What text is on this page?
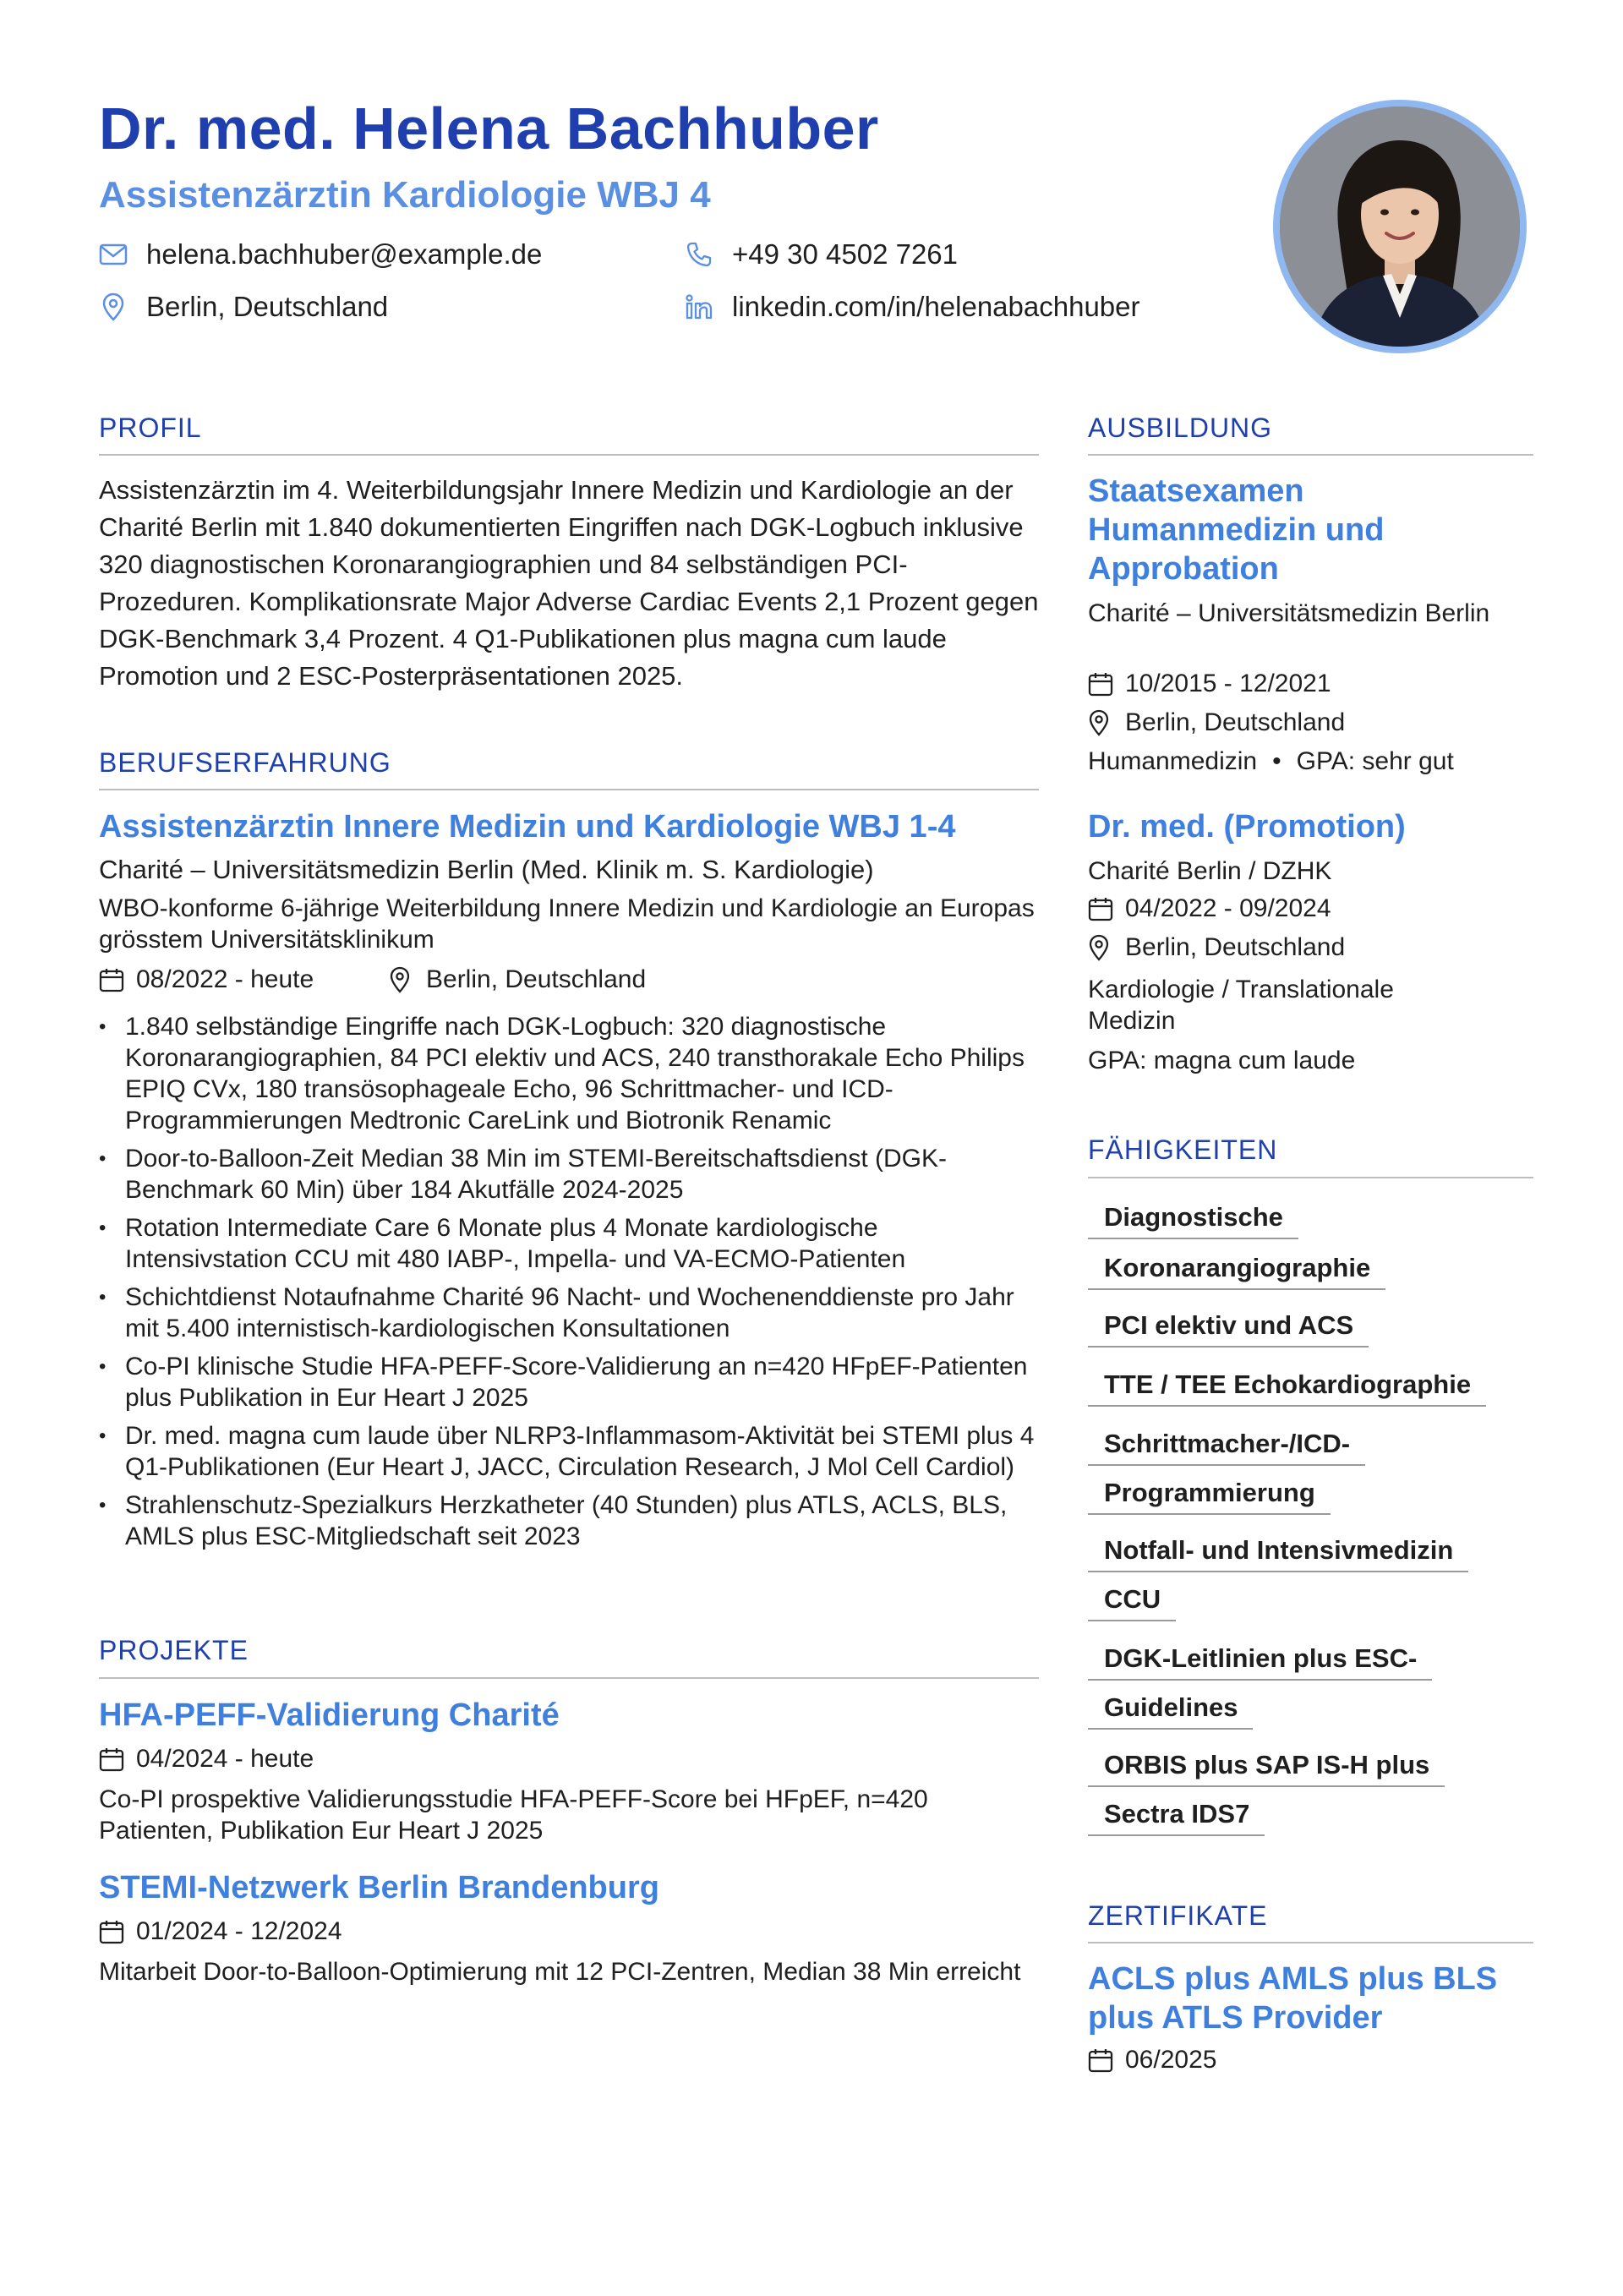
Dr. med. Helena Bachhuber
Assistenzärztin Kardiologie WBJ 4
helena.bachhuber@example.de	+49 30 4502 7261
Berlin, Deutschland	linkedin.com/in/helenabachhuber
PROFIL
Assistenzärztin im 4. Weiterbildungsjahr Innere Medizin und Kardiologie an der Charité Berlin mit 1.840 dokumentierten Eingriffen nach DGK-Logbuch inklusive 320 diagnostischen Koronarangiographien und 84 selbständigen PCI-Prozeduren. Komplikationsrate Major Adverse Cardiac Events 2,1 Prozent gegen DGK-Benchmark 3,4 Prozent. 4 Q1-Publikationen plus magna cum laude Promotion und 2 ESC-Posterpräsentationen 2025.
BERUFSERFAHRUNG
Assistenzärztin Innere Medizin und Kardiologie WBJ 1-4
Charité – Universitätsmedizin Berlin (Med. Klinik m. S. Kardiologie)
WBO-konforme 6-jährige Weiterbildung Innere Medizin und Kardiologie an Europas grösstem Universitätsklinikum
08/2022 - heute	Berlin, Deutschland
• 1.840 selbständige Eingriffe nach DGK-Logbuch: 320 diagnostische Koronarangiographien, 84 PCI elektiv und ACS, 240 transthorakale Echo Philips EPIQ CVx, 180 transösophageale Echo, 96 Schrittmacher- und ICD-Programmierungen Medtronic CareLink und Biotronik Renamic
• Door-to-Balloon-Zeit Median 38 Min im STEMI-Bereitschaftsdienst (DGK-Benchmark 60 Min) über 184 Akutfälle 2024-2025
• Rotation Intermediate Care 6 Monate plus 4 Monate kardiologische Intensivstation CCU mit 480 IABP-, Impella- und VA-ECMO-Patienten
• Schichtdienst Notaufnahme Charité 96 Nacht- und Wochenenddienste pro Jahr mit 5.400 internistisch-kardiologischen Konsultationen
• Co-PI klinische Studie HFA-PEFF-Score-Validierung an n=420 HFpEF-Patienten plus Publikation in Eur Heart J 2025
• Dr. med. magna cum laude über NLRP3-Inflammasom-Aktivität bei STEMI plus 4 Q1-Publikationen (Eur Heart J, JACC, Circulation Research, J Mol Cell Cardiol)
• Strahlenschutz-Spezialkurs Herzkatheter (40 Stunden) plus ATLS, ACLS, BLS, AMLS plus ESC-Mitgliedschaft seit 2023
PROJEKTE
HFA-PEFF-Validierung Charité
04/2024 - heute
Co-PI prospektive Validierungsstudie HFA-PEFF-Score bei HFpEF, n=420 Patienten, Publikation Eur Heart J 2025
STEMI-Netzwerk Berlin Brandenburg
01/2024 - 12/2024
Mitarbeit Door-to-Balloon-Optimierung mit 12 PCI-Zentren, Median 38 Min erreicht
AUSBILDUNG
Staatsexamen Humanmedizin und Approbation
Charité – Universitätsmedizin Berlin
10/2015 - 12/2021
Berlin, Deutschland
Humanmedizin • GPA: sehr gut
Dr. med. (Promotion)
Charité Berlin / DZHK
04/2022 - 09/2024
Berlin, Deutschland
Kardiologie / Translationale Medizin
GPA: magna cum laude
FÄHIGKEITEN
Diagnostische
Koronarangiographie
PCI elektiv und ACS
TTE / TEE Echokardiographie
Schrittmacher-/ICD-
Programmierung
Notfall- und Intensivmedizin
CCU
DGK-Leitlinien plus ESC-
Guidelines
ORBIS plus SAP IS-H plus
Sectra IDS7
ZERTIFIKATE
ACLS plus AMLS plus BLS plus ATLS Provider
06/2025
